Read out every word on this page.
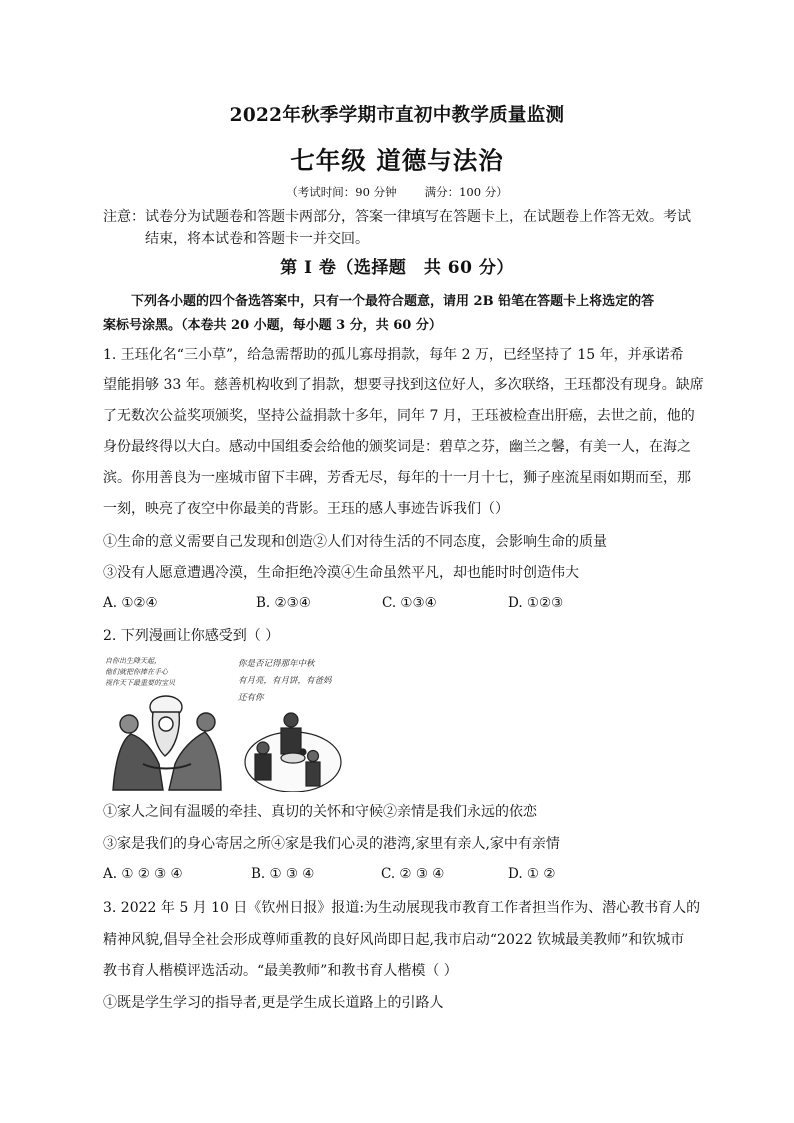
2022年秋季学期市直初中教学质量监测
七年级 道德与法治
（考试时间：90 分钟 满分：100 分）
注意：试卷分为试题卷和答题卡两部分，答案一律填写在答题卡上，在试题卷上作答无效。考试
结束，将本试卷和答题卡一并交回。
第 I 卷（选择题　共 60 分）
下列各小题的四个备选答案中，只有一个最符合题意，请用 2B 铅笔在答题卡上将选定的答
案标号涂黑。（本卷共 20 小题，每小题 3 分，共 60 分）
1. 王珏化名“三小草”，给急需帮助的孤儿寡母捐款，每年 2 万，已经坚持了 15 年，并承诺希
望能捐够 33 年。慈善机构收到了捐款，想要寻找到这位好人，多次联络，王珏都没有现身。缺席
了无数次公益奖项颁奖，坚持公益捐款十多年，同年 7 月，王珏被检查出肝癌，去世之前，他的
身份最终得以大白。感动中国组委会给他的颁奖词是：碧草之芬，幽兰之馨，有美一人，在海之
滨。你用善良为一座城市留下丰碑，芳香无尽，每年的十一月十七，狮子座流星雨如期而至，那
一刻，映亮了夜空中你最美的背影。王珏的感人事迹告诉我们（）
①生命的意义需要自己发现和创造②人们对待生活的不同态度，会影响生命的质量
③没有人愿意遭遇冷漠，生命拒绝冷漠④生命虽然平凡，却也能时时创造伟大
A. ①②④	B. ②③④	C. ①③④	D. ①②③
2. 下列漫画让你感受到（ ）
自你出生降天起，
他们就把你捧在手心
视作天下最重要的宝贝
你是否记得那年中秋
有月亮，有月饼，有爸妈
还有你
①家人之间有温暖的牵挂、真切的关怀和守候②亲情是我们永远的依恋
③家是我们的身心寄居之所④家是我们心灵的港湾,家里有亲人,家中有亲情
A. ① ② ③ ④	B. ① ③ ④	C. ② ③ ④	D. ① ②
3. 2022 年 5 月 10 日《钦州日报》报道:为生动展现我市教育工作者担当作为、潜心教书育人的
精神风貌,倡导全社会形成尊师重教的良好风尚即日起,我市启动“2022 钦城最美教师”和钦城市
教书育人楷模评选活动。“最美教师”和教书育人楷模（ ）
①既是学生学习的指导者,更是学生成长道路上的引路人
